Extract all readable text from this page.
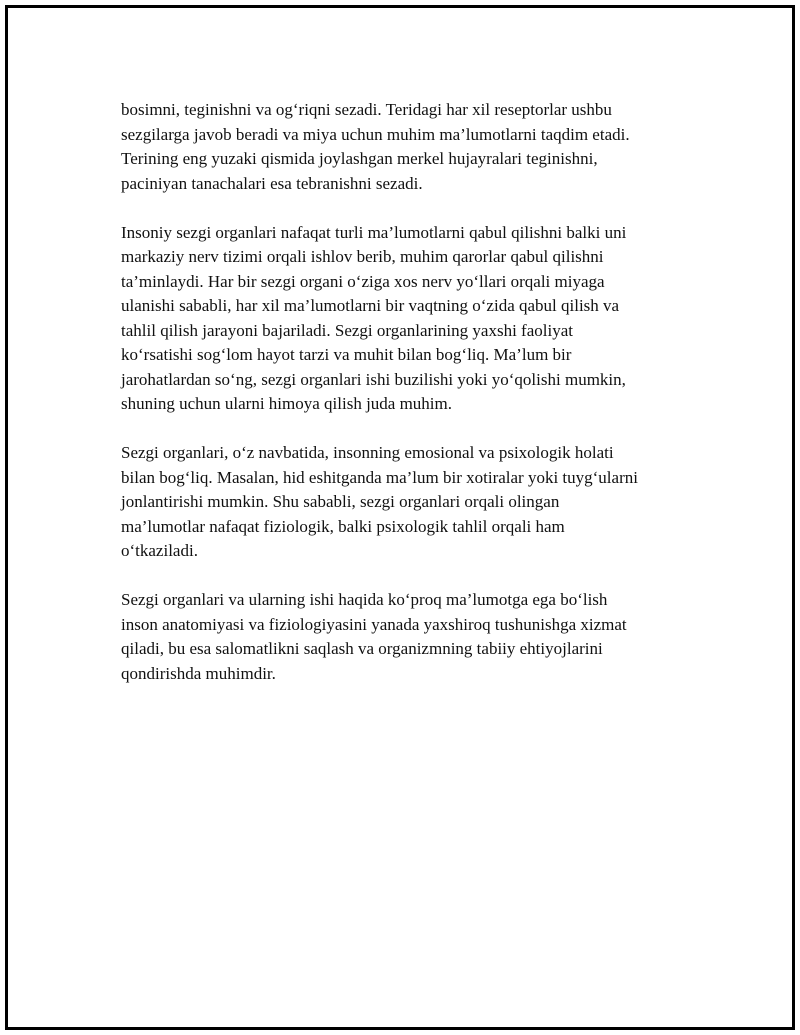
bosimni, teginishni va og‘riqni sezadi. Teridagi har xil reseptorlar ushbu
sezgilarga javob beradi va miya uchun muhim ma’lumotlarni taqdim etadi.
Terining eng yuzaki qismida joylashgan merkel hujayralari teginishni,
paciniyan tanachalari esa tebranishni sezadi.

Insoniy sezgi organlari nafaqat turli ma’lumotlarni qabul qilishni balki uni
markaziy nerv tizimi orqali ishlov berib, muhim qarorlar qabul qilishni
ta’minlaydi. Har bir sezgi organi o‘ziga xos nerv yo‘llari orqali miyaga
ulanishi sababli, har xil ma’lumotlarni bir vaqtning o‘zida qabul qilish va
tahlil qilish jarayoni bajariladi. Sezgi organlarining yaxshi faoliyat
ko‘rsatishi sog‘lom hayot tarzi va muhit bilan bog‘liq. Ma’lum bir
jarohatlardan so‘ng, sezgi organlari ishi buzilishi yoki yo‘qolishi mumkin,
shuning uchun ularni himoya qilish juda muhim.

Sezgi organlari, o‘z navbatida, insonning emosional va psixologik holati
bilan bog‘liq. Masalan, hid eshitganda ma’lum bir xotiralar yoki tuyg‘ularni
jonlantirishi mumkin. Shu sababli, sezgi organlari orqali olingan
ma’lumotlar nafaqat fiziologik, balki psixologik tahlil orqali ham
o‘tkaziladi.

Sezgi organlari va ularning ishi haqida ko‘proq ma’lumotga ega bo‘lish
inson anatomiyasi va fiziologiyasini yanada yaxshiroq tushunishga xizmat
qiladi, bu esa salomatlikni saqlash va organizmning tabiiy ehtiyojlarini
qondirishda muhimdir.
